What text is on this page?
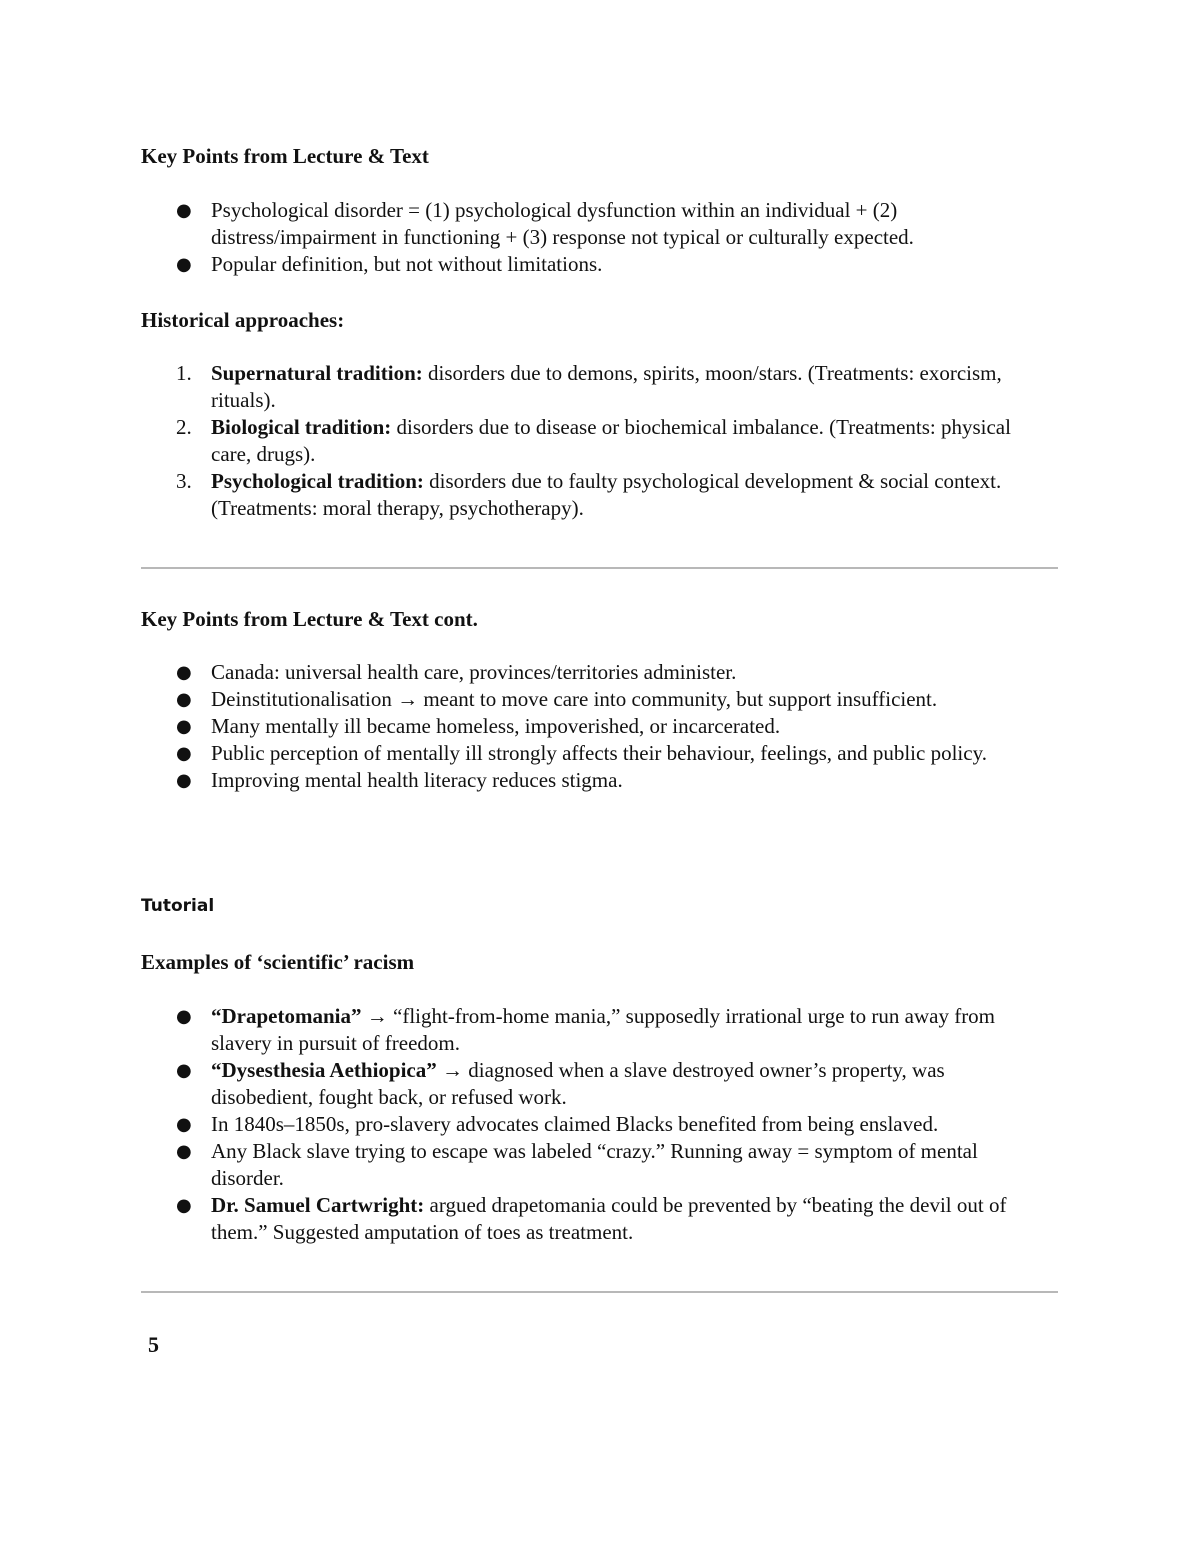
Key Points from Lecture & Text
● Psychological disorder = (1) psychological dysfunction within an individual + (2) distress/impairment in functioning + (3) response not typical or culturally expected.
● Popular definition, but not without limitations.
Historical approaches:
1. Supernatural tradition: disorders due to demons, spirits, moon/stars. (Treatments: exorcism, rituals).
2. Biological tradition: disorders due to disease or biochemical imbalance. (Treatments: physical care, drugs).
3. Psychological tradition: disorders due to faulty psychological development & social context. (Treatments: moral therapy, psychotherapy).
Key Points from Lecture & Text cont.
● Canada: universal health care, provinces/territories administer.
● Deinstitutionalisation → meant to move care into community, but support insufficient.
● Many mentally ill became homeless, impoverished, or incarcerated.
● Public perception of mentally ill strongly affects their behaviour, feelings, and public policy.
● Improving mental health literacy reduces stigma.

Tutorial

Examples of ‘scientific’ racism
● “Drapetomania” → “flight-from-home mania,” supposedly irrational urge to run away from slavery in pursuit of freedom.
● “Dysesthesia Aethiopica” → diagnosed when a slave destroyed owner’s property, was disobedient, fought back, or refused work.
● In 1840s–1850s, pro-slavery advocates claimed Blacks benefited from being enslaved.
● Any Black slave trying to escape was labeled “crazy.” Running away = symptom of mental disorder.
● Dr. Samuel Cartwright: argued drapetomania could be prevented by “beating the devil out of them.” Suggested amputation of toes as treatment.

5
